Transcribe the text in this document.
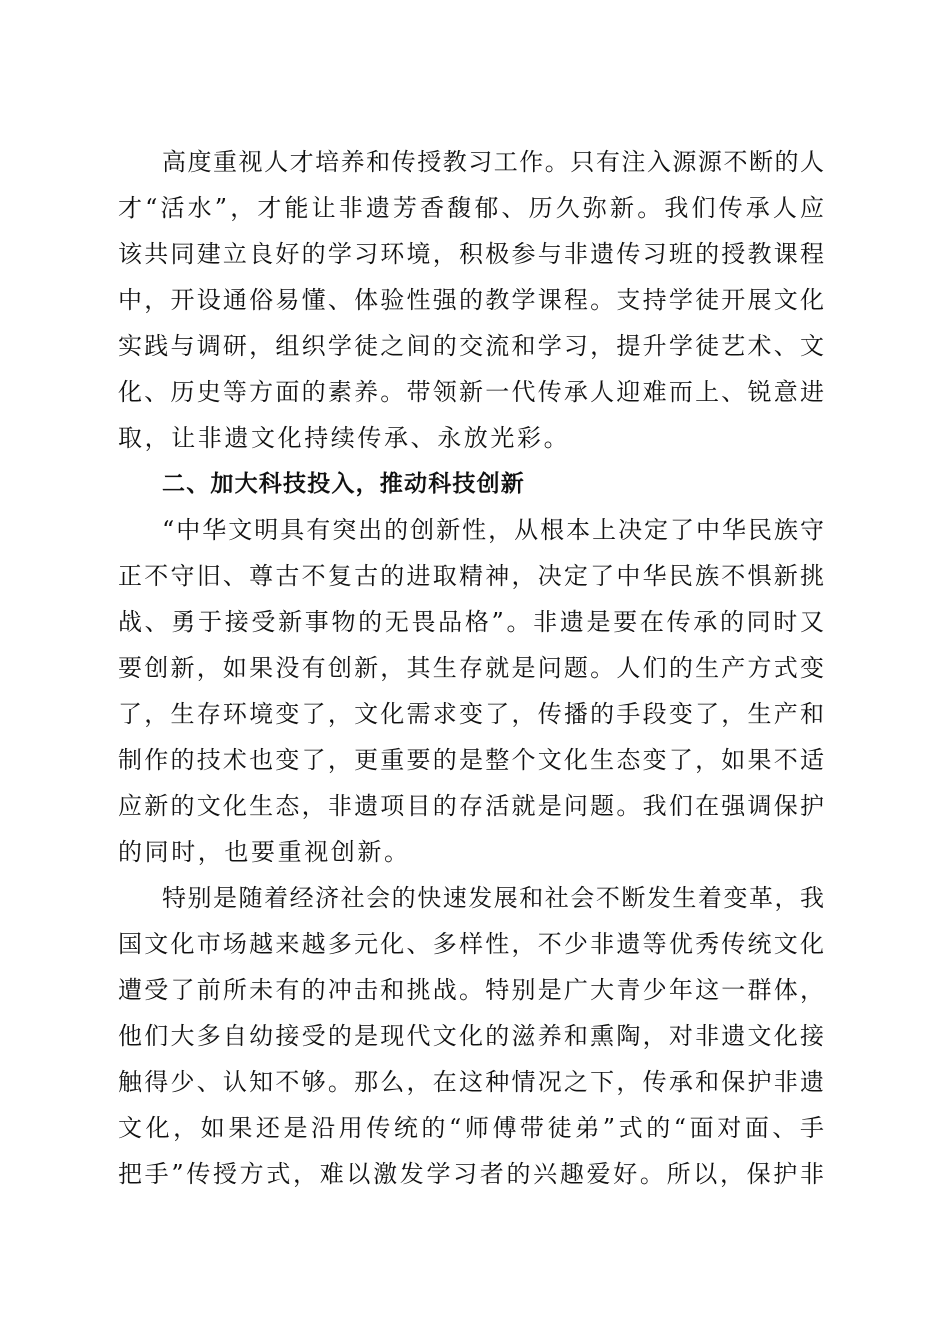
高度重视人才培养和传授教习工作。只有注入源源不断的人
才“活水”，才能让非遗芳香馥郁、历久弥新。我们传承人应
该共同建立良好的学习环境，积极参与非遗传习班的授教课程
中，开设通俗易懂、体验性强的教学课程。支持学徒开展文化
实践与调研，组织学徒之间的交流和学习，提升学徒艺术、文
化、历史等方面的素养。带领新一代传承人迎难而上、锐意进
取，让非遗文化持续传承、永放光彩。
二、加大科技投入，推动科技创新
“中华文明具有突出的创新性，从根本上决定了中华民族守
正不守旧、尊古不复古的进取精神，决定了中华民族不惧新挑
战、勇于接受新事物的无畏品格”。非遗是要在传承的同时又
要创新，如果没有创新，其生存就是问题。人们的生产方式变
了，生存环境变了，文化需求变了，传播的手段变了，生产和
制作的技术也变了，更重要的是整个文化生态变了，如果不适
应新的文化生态，非遗项目的存活就是问题。我们在强调保护
的同时，也要重视创新。
特别是随着经济社会的快速发展和社会不断发生着变革，我
国文化市场越来越多元化、多样性，不少非遗等优秀传统文化
遭受了前所未有的冲击和挑战。特别是广大青少年这一群体，
他们大多自幼接受的是现代文化的滋养和熏陶，对非遗文化接
触得少、认知不够。那么，在这种情况之下，传承和保护非遗
文化，如果还是沿用传统的“师傅带徒弟”式的“面对面、手
把手”传授方式，难以激发学习者的兴趣爱好。所以，保护非
